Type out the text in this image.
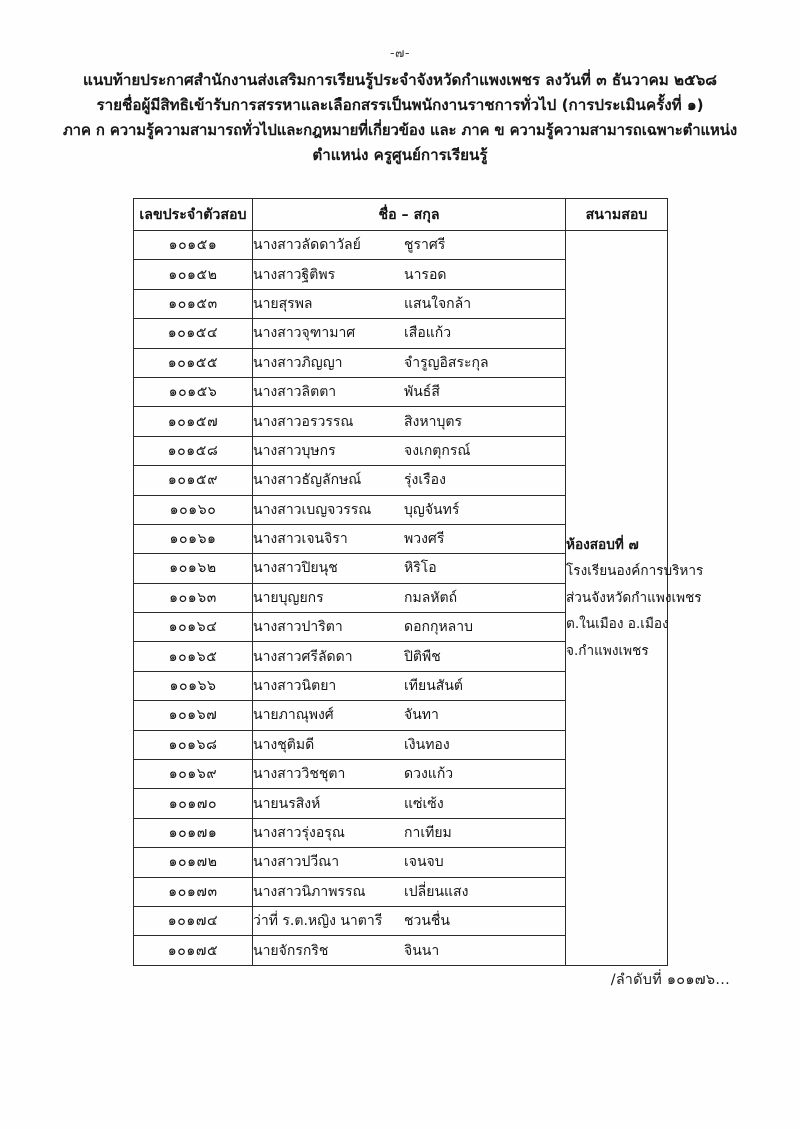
-๗-
แนบท้ายประกาศสำนักงานส่งเสริมการเรียนรู้ประจำจังหวัดกำแพงเพชร ลงวันที่ ๓ ธันวาคม ๒๕๖๘
รายชื่อผู้มีสิทธิเข้ารับการสรรหาและเลือกสรรเป็นพนักงานราชการทั่วไป (การประเมินครั้งที่ ๑)
ภาค ก ความรู้ความสามารถทั่วไปและกฎหมายที่เกี่ยวข้อง และ ภาค ข ความรู้ความสามารถเฉพาะตำแหน่ง
ตำแหน่ง ครูศูนย์การเรียนรู้
เลขประจำตัวสอบ	ชื่อ – สกุล	สนามสอบ
๑๐๑๕๑	นางสาวลัดดาวัลย์	ชูราศรี

ห้องสอบที่ ๗
โรงเรียนองค์การบริหาร
ส่วนจังหวัดกำแพงเพชร
ต.ในเมือง อ.เมือง
จ.กำแพงเพชร

๑๐๑๕๒	นางสาวฐิติพร นารอด	

๑๐๑๕๓	นายสุรพล แสนใจกล้า	

๑๐๑๕๔	นางสาวจุฑามาศ เสือแก้ว	

๑๐๑๕๕	นางสาวภิญญา จำรูญอิสระกุล	

๑๐๑๕๖	นางสาวลิตตา พันธ์สี	

๑๐๑๕๗	นางสาวอรวรรณ สิงหาบุตร	

๑๐๑๕๘	นางสาวบุษกร จงเกตุกรณ์	

๑๐๑๕๙	นางสาวธัญลักษณ์ รุ่งเรือง	

๑๐๑๖๐	นางสาวเบญจวรรณ บุญจันทร์	

๑๐๑๖๑	นางสาวเจนจิรา พวงศรี	

๑๐๑๖๒	นางสาวปิยนุช หิริโอ	

๑๐๑๖๓	นายบุญยกร กมลหัตถ์	

๑๐๑๖๔	นางสาวปาริตา ดอกกุหลาบ	

๑๐๑๖๕	นางสาวศรีลัดดา ปิติพืช	

๑๐๑๖๖	นางสาวนิตยา เทียนสันต์	

๑๐๑๖๗	นายภาณุพงศ์ จันทา	

๑๐๑๖๘	นางชุติมดี เงินทอง	

๑๐๑๖๙	นางสาววิชชุตา ดวงแก้ว	

๑๐๑๗๐	นายนรสิงห์ แซ่เซ้ง	

๑๐๑๗๑	นางสาวรุ่งอรุณ กาเทียม	

๑๐๑๗๒	นางสาวปวีณา เจนจบ	

๑๐๑๗๓	นางสาวนิภาพรรณ เปลี่ยนแสง	

๑๐๑๗๔	ว่าที่ ร.ต.หญิง นาตารี ชวนชื่น	

๑๐๑๗๕	นายจักรกริช จินนา	
/ลำดับที่ ๑๐๑๗๖...
